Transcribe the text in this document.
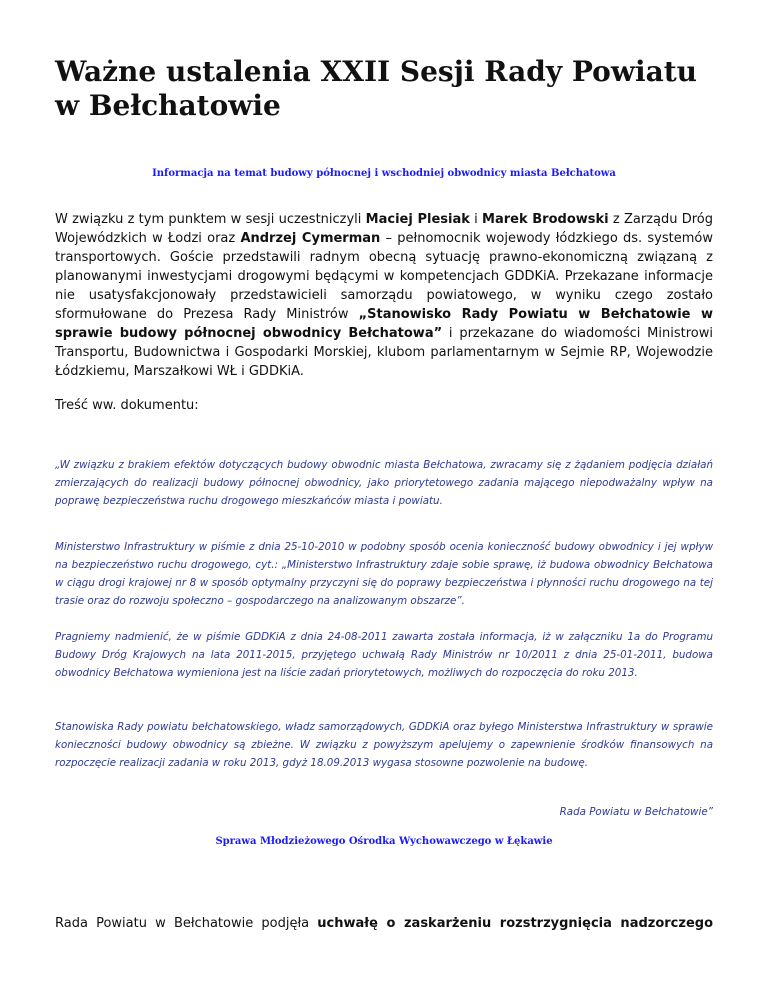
Ważne ustalenia XXII Sesji Rady Powiatu w Bełchatowie
Informacja na temat budowy północnej i wschodniej obwodnicy miasta Bełchatowa

W związku z tym punktem w sesji uczestniczyli Maciej Plesiak i Marek Brodowski z Zarządu Dróg Wojewódzkich w Łodzi oraz Andrzej Cymerman – pełnomocnik wojewody łódzkiego ds. systemów transportowych. Goście przedstawili radnym obecną sytuację prawno-ekonomiczną związaną z planowanymi inwestycjami drogowymi będącymi w kompetencjach GDDKiA. Przekazane informacje nie usatysfakcjonowały przedstawicieli samorządu powiatowego, w wyniku czego zostało sformułowane do Prezesa Rady Ministrów „Stanowisko Rady Powiatu w Bełchatowie w sprawie budowy północnej obwodnicy Bełchatowa” i przekazane do wiadomości Ministrowi Transportu, Budownictwa i Gospodarki Morskiej, klubom parlamentarnym w Sejmie RP, Wojewodzie Łódzkiemu, Marszałkowi WŁ i GDDKiA.

Treść ww. dokumentu:

„W związku z brakiem efektów dotyczących budowy obwodnic miasta Bełchatowa, zwracamy się z żądaniem podjęcia działań zmierzających do realizacji budowy północnej obwodnicy, jako priorytetowego zadania mającego niepodważalny wpływ na poprawę bezpieczeństwa ruchu drogowego mieszkańców miasta i powiatu.

Ministerstwo Infrastruktury w piśmie z dnia 25-10-2010 w podobny sposób ocenia konieczność budowy obwodnicy i jej wpływ na bezpieczeństwo ruchu drogowego, cyt.: „Ministerstwo Infrastruktury zdaje sobie sprawę, iż budowa obwodnicy Bełchatowa w ciągu drogi krajowej nr 8 w sposób optymalny przyczyni się do poprawy bezpieczeństwa i płynności ruchu drogowego na tej trasie oraz do rozwoju społeczno – gospodarczego na analizowanym obszarze”.

Pragniemy nadmienić, że w piśmie GDDKiA z dnia 24-08-2011 zawarta została informacja, iż w załączniku 1a do Programu Budowy Dróg Krajowych na lata 2011-2015, przyjętego uchwałą Rady Ministrów nr 10/2011 z dnia 25-01-2011, budowa obwodnicy Bełchatowa wymieniona jest na liście zadań priorytetowych, możliwych do rozpoczęcia do roku 2013.

Stanowiska Rady powiatu bełchatowskiego, władz samorządowych, GDDKiA oraz byłego Ministerstwa Infrastruktury w sprawie konieczności budowy obwodnicy są zbieżne. W związku z powyższym apelujemy o zapewnienie środków finansowych na rozpoczęcie realizacji zadania w roku 2013, gdyż 18.09.2013 wygasa stosowne pozwolenie na budowę.

Rada Powiatu w Bełchatowie”

Sprawa Młodzieżowego Ośrodka Wychowawczego w Łękawie

Rada Powiatu w Bełchatowie podjęła uchwałę o zaskarżeniu rozstrzygnięcia nadzorczego
